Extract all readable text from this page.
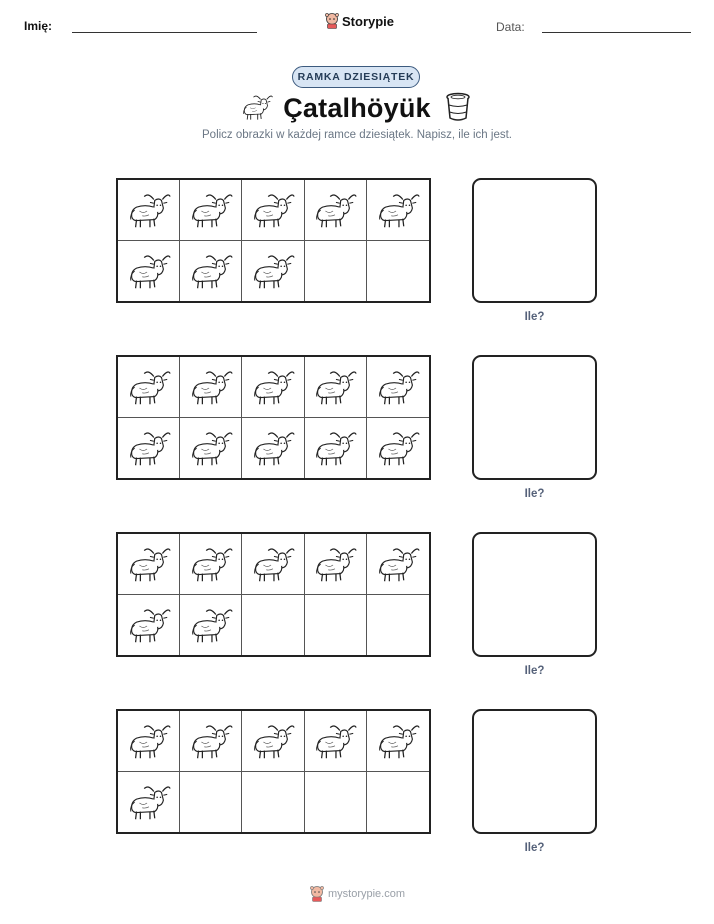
Imię:	Data:
Storypie
RAMKA DZIESIĄTEK
Çatalhöyük
Policz obrazki w każdej ramce dziesiątek. Napisz, ile ich jest.
Ile?
Ile?
Ile?
Ile?
mystorypie.com
